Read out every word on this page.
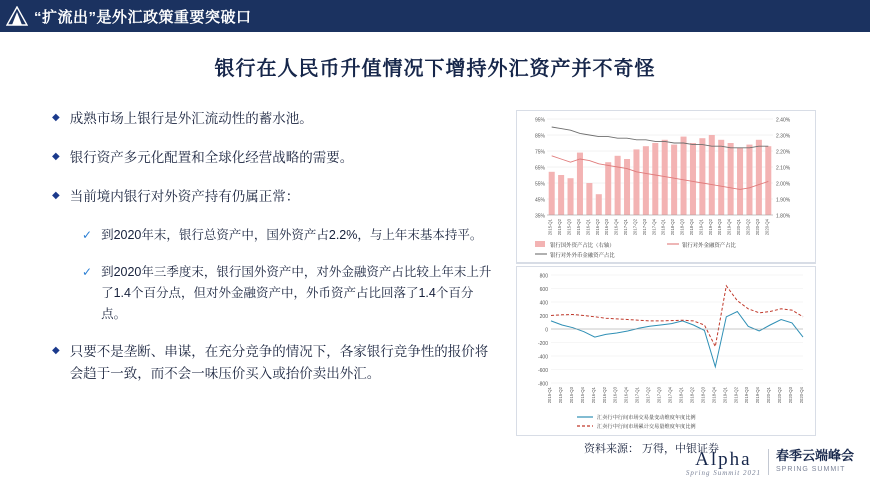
“扩流出”是外汇政策重要突破口
银行在人民币升值情况下增持外汇资产并不奇怪
◆ 成熟市场上银行是外汇流动性的蓄水池。
◆ 银行资产多元化配置和全球化经营战略的需要。
◆ 当前境内银行对外资产持有仍属正常：
✓ 到2020年末，银行总资产中，国外资产占2.2%，与上年末基本持平。
✓ 到2020年三季度末，银行国外资产中，对外金融资产占比较上年末上升了1.4个百分点，但对外金融资产中，外币资产占比回落了1.4个百分点。
◆ 只要不是垄断、串谋，在充分竞争的情况下，各家银行竞争性的报价将会趋于一致，而不会一味压价买入或抬价卖出外汇。
95%
85%
75%
65%
55%
45%
35%
2.40%
2.30%
2.20%
2.10%
2.00%
1.90%
1.80%
2015-Q1 2015-Q2 2015-Q3 2015-Q4 2016-Q1 2016-Q2 2016-Q3 2016-Q4 2017-Q1 2017-Q2 2017-Q3 2017-Q4 2018-Q1 2018-Q2 2018-Q3 2018-Q4 2019-Q1 2019-Q2 2019-Q3 2019-Q4 2020-Q1 2020-Q2 2020-Q3 2020-Q4
银行国外资产占比（右轴）	银行对外金融资产占比
银行对外外币金融资产占比
800
600
400
200
0
-200
-400
-600
-800
2015-Q1 2015-Q2 2015-Q3 2015-Q4 2016-Q1 2016-Q2 2016-Q3 2016-Q4 2017-Q1 2017-Q2 2017-Q3 2017-Q4 2018-Q1 2018-Q2 2018-Q3 2018-Q4 2019-Q1 2019-Q2 2019-Q3 2019-Q4 2020-Q1 2020-Q2 2020-Q3 2020-Q4
汇卖行中行间市场交易量变动维度年度比例
汇卖行中行间市场累计交易量维度年度比例
资料来源： 万得，中银证券
Alpha
Spring Summit 2021
春季云端峰会
SPRING SUMMIT
